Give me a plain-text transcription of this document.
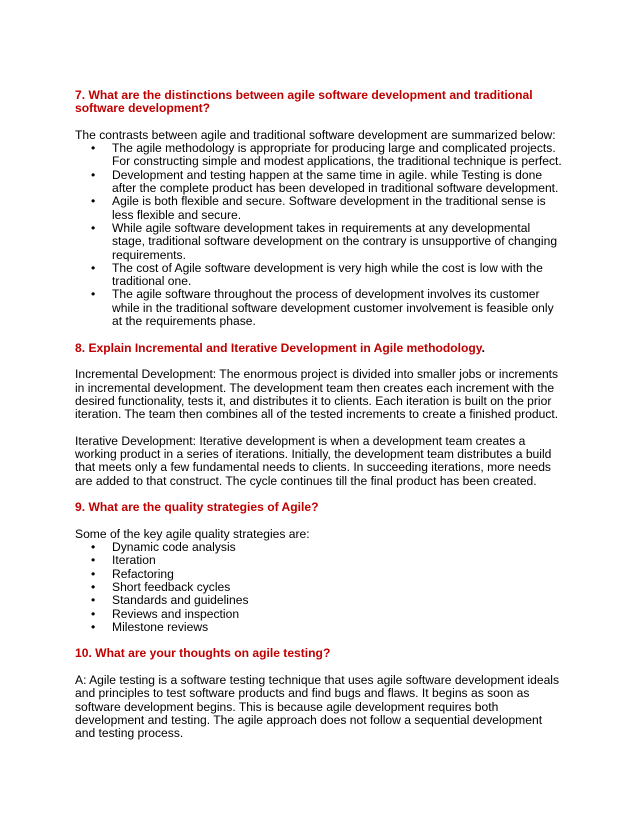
7. What are the distinctions between agile software development and traditional software development?

The contrasts between agile and traditional software development are summarized below:

• The agile methodology is appropriate for producing large and complicated projects. For constructing simple and modest applications, the traditional technique is perfect.
• Development and testing happen at the same time in agile. while Testing is done after the complete product has been developed in traditional software development.
• Agile is both flexible and secure. Software development in the traditional sense is less flexible and secure.
• While agile software development takes in requirements at any developmental stage, traditional software development on the contrary is unsupportive of changing requirements.
• The cost of Agile software development is very high while the cost is low with the traditional one.
• The agile software throughout the process of development involves its customer while in the traditional software development customer involvement is feasible only at the requirements phase.
8. Explain Incremental and Iterative Development in Agile methodology.

Incremental Development: The enormous project is divided into smaller jobs or increments in incremental development. The development team then creates each increment with the desired functionality, tests it, and distributes it to clients. Each iteration is built on the prior iteration. The team then combines all of the tested increments to create a finished product.

Iterative Development: Iterative development is when a development team creates a working product in a series of iterations. Initially, the development team distributes a build that meets only a few fundamental needs to clients. In succeeding iterations, more needs are added to that construct. The cycle continues till the final product has been created.

9. What are the quality strategies of Agile?

Some of the key agile quality strategies are:

• Dynamic code analysis
• Iteration
• Refactoring
• Short feedback cycles
• Standards and guidelines
• Reviews and inspection
• Milestone reviews
10. What are your thoughts on agile testing?

A: Agile testing is a software testing technique that uses agile software development ideals and principles to test software products and find bugs and flaws. It begins as soon as software development begins. This is because agile development requires both development and testing. The agile approach does not follow a sequential development and testing process.
